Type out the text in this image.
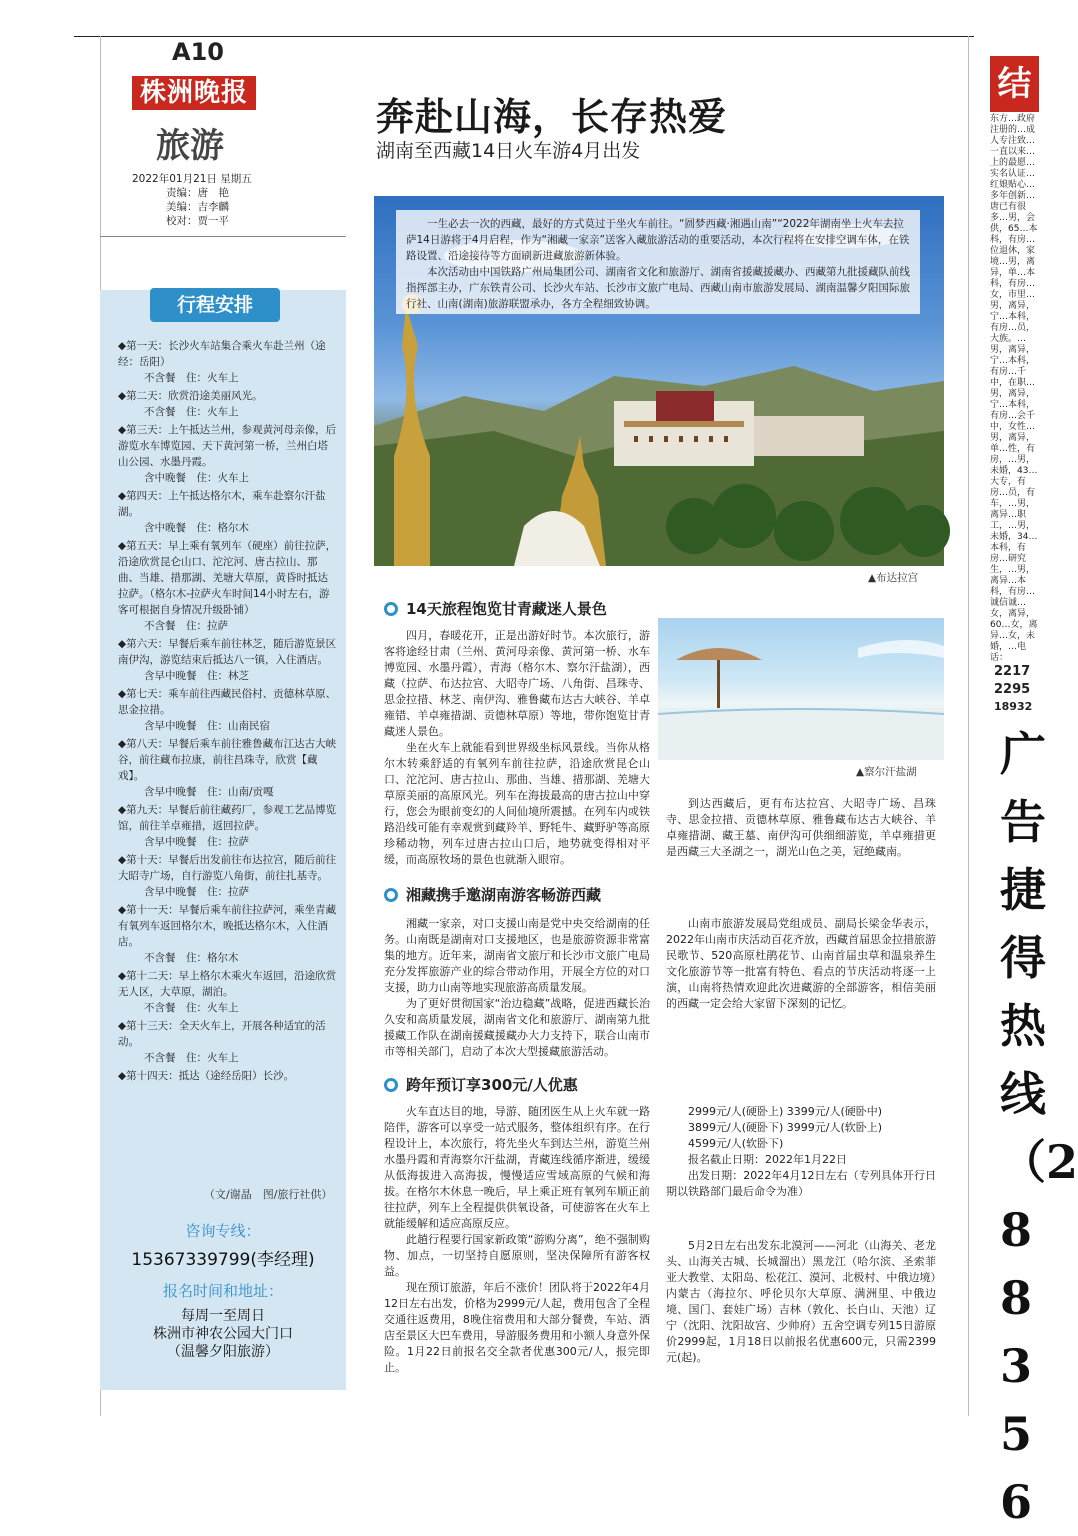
A10
株洲晚报
旅游
2022年01月21日 星期五
责编：唐　艳
美编：吉李麟
校对：贾一平
奔赴山海，长存热爱
湖南至西藏14日火车游4月出发

一生必去一次的西藏，最好的方式莫过于坐火车前往。“圆梦西藏·湘遇山南”“2022年湖南坐上火车去拉萨14日游将于4月启程，作为“湘藏一家亲”送客入藏旅游活动的重要活动，本次行程将在安排空调车体，在铁路设置、沿途接待等方面刷新进藏旅游新体验。

本次活动由中国铁路广州局集团公司、湖南省文化和旅游厅、湖南省援藏援藏办、西藏第九批援藏队前线指挥部主办，广东铁青公司、长沙火车站、长沙市文旅广电局、西藏山南市旅游发展局、湖南温馨夕阳国际旅行社、山南(湖南)旅游联盟承办，各方全程细致协调。

▲布达拉宫
行程安排

◆第一天：长沙火车站集合乘火车赴兰州（途经：岳阳）

不含餐　住：火车上

◆第二天：欣赏沿途美丽风光。

不含餐　住：火车上

◆第三天：上午抵达兰州，参观黄河母亲像，后游览水车博览园、天下黄河第一桥，兰州白塔山公园、水墨丹霞。

含中晚餐　住：火车上

◆第四天：上午抵达格尔木，乘车赴察尔汗盐湖。

含中晚餐　住：格尔木

◆第五天：早上乘有氧列车（硬座）前往拉萨，沿途欣赏昆仑山口、沱沱河、唐古拉山、那曲、当雄、措那湖、羌塘大草原，黄昏时抵达拉萨。（格尔木-拉萨火车时间14小时左右，游客可根据自身情况升级卧铺）

不含餐　住：拉萨

◆第六天：早餐后乘车前往林芝，随后游览景区南伊沟，游览结束后抵达八一镇，入住酒店。

含早中晚餐　住：林芝

◆第七天：乘车前往西藏民俗村、贡德林草原、思金拉措。

含早中晚餐　住：山南民宿

◆第八天：早餐后乘车前往雅鲁藏布江达古大峡谷，前往藏布拉康，前往昌珠寺，欣赏【藏戏】。

含早中晚餐　住：山南/贡嘎

◆第九天：早餐后前往藏药厂，参观工艺品博览馆，前往羊卓雍措，返回拉萨。

含早中晚餐　住：拉萨

◆第十天：早餐后出发前往布达拉宫，随后前往大昭寺广场，自行游览八角街，前往扎基寺。

含早中晚餐　住：拉萨

◆第十一天：早餐后乘车前往拉萨河，乘坐青藏有氧列车返回格尔木，晚抵达格尔木，入住酒店。

不含餐　住：格尔木

◆第十二天：早上格尔木乘火车返回，沿途欣赏无人区，大草原，湖泊。

不含餐　住：火车上

◆第十三天：全天火车上，开展各种适宜的活动。

不含餐　住：火车上

◆第十四天：抵达（途经岳阳）长沙。

（文/谢晶　图/旅行社供）
咨询专线：
15367339799(李经理)
报名时间和地址：
每周一至周日
株洲市神农公园大门口
（温馨夕阳旅游）
14天旅程饱览甘青藏迷人景色

四月，春暖花开，正是出游好时节。本次旅行，游客将途经甘肃（兰州、黄河母亲像、黄河第一桥、水车博览园、水墨丹霞），青海（格尔木、察尔汗盐湖），西藏（拉萨、布达拉宫、大昭寺广场、八角街、昌珠寺、思金拉措、林芝、南伊沟、雅鲁藏布达古大峡谷、羊卓雍错、羊卓雍措湖、贡德林草原）等地，带你饱览甘青藏迷人景色。

坐在火车上就能看到世界级坐标风景线。当你从格尔木转乘舒适的有氧列车前往拉萨，沿途欣赏昆仑山口、沱沱河、唐古拉山、那曲、当雄、措那湖、羌塘大草原美丽的高原风光。列车在海拔最高的唐古拉山中穿行，您会为眼前变幻的人间仙境所震撼。在列车内或铁路沿线可能有幸观赏到藏羚羊、野牦牛、藏野驴等高原珍稀动物，列车过唐古拉山口后，地势就变得相对平缓，而高原牧场的景色也就渐入眼帘。

▲察尔汗盐湖

到达西藏后，更有布达拉宫、大昭寺广场、昌珠寺、思金拉措、贡德林草原、雅鲁藏布达古大峡谷、羊卓雍措湖、藏王墓、南伊沟可供细细游览，羊卓雍措更是西藏三大圣湖之一，湖光山色之美，冠绝藏南。

湘藏携手邀湖南游客畅游西藏

湘藏一家亲，对口支援山南是党中央交给湖南的任务。山南既是湖南对口支援地区，也是旅游资源非常富集的地方。近年来，湖南省文旅厅和长沙市文旅广电局充分发挥旅游产业的综合带动作用，开展全方位的对口支援，助力山南等地实现旅游高质量发展。

为了更好贯彻国家“治边稳藏”战略，促进西藏长治久安和高质量发展，湖南省文化和旅游厅、湖南第九批援藏工作队在湖南援藏援藏办大力支持下，联合山南市市等相关部门，启动了本次大型援藏旅游活动。

山南市旅游发展局党组成员、副局长梁金华表示，2022年山南市庆活动百花齐放，西藏首届思金拉措旅游民歌节、520高原杜鹃花节、山南首届虫草和温泉养生文化旅游节等一批富有特色、看点的节庆活动将逐一上演，山南将热情欢迎此次进藏游的全部游客，相信美丽的西藏一定会给大家留下深刻的记忆。

跨年预订享300元/人优惠

火车直达目的地，导游、随团医生从上火车就一路陪伴，游客可以享受一站式服务，整体组织有序。在行程设计上，本次旅行，将先坐火车到达兰州，游览兰州水墨丹霞和青海察尔汗盐湖，青藏连线循序渐进，缓缓从低海拔进入高海拔，慢慢适应雪域高原的气候和海拔。在格尔木休息一晚后，早上乘正班有氧列车顺正前往拉萨，列车上全程提供供氧设备，可使游客在火车上就能缓解和适应高原反应。

此趟行程要行国家新政策“游购分离”，绝不强制购物、加点，一切坚持自愿原则，坚决保障所有游客权益。

现在预订旅游，年后不涨价！团队将于2022年4月12日左右出发，价格为2999元/人起，费用包含了全程交通往返费用，8晚住宿费用和大部分餐费，车站、酒店至景区大巴车费用，导游服务费用和小额人身意外保险。1月22日前报名交全款者优惠300元/人，报完即止。

2999元/人(硬卧上) 3399元/人(硬卧中)

3899元/人(硬卧下) 3999元/人(软卧上)

4599元/人(软卧下)

报名截止日期：2022年1月22日

出发日期：2022年4月12日左右（专列具体开行日期以铁路部门最后命令为准）

5月2日左右出发东北漠河——河北（山海关、老龙头、山海关古城、长城溜出）黑龙江（哈尔滨、圣索菲亚大教堂、太阳岛、松花江、漠河、北极村、中俄边境）内蒙古（海拉尔、呼伦贝尔大草原、满洲里、中俄边境、国门、套娃广场）吉林（敦化、长白山、天池）辽宁（沈阳、沈阳故宫、少帅府）五舍空调专列15日游原价2999起，1月18日以前报名优惠600元，只需2399元(起)。

结
东方…政府注册的…成人专注致…一直以来…上的最愿…实名认证…红娘贴心…多年创新…唐已有很多…男，会供，65…本科，有房…位退休，家境…男，离异，单…本科，有房…女，市里…男，离异，宁…本科，有房…员，大族。…男，离异，宁…本科，有房…千中，在职…男，离异，宁…本科，有房…会千中，女性…男，离异，单…性，有房，…男，未婚，43…大专，有房…员，有车，…男，离异…职工，…男，未婚，34…本科，有房…研究生，…男，离异…本科，有房…诚信诚…女，离异，60…女，离异…女，未婚，…电话：
2217
2295
18932
广告捷得热线（288356
